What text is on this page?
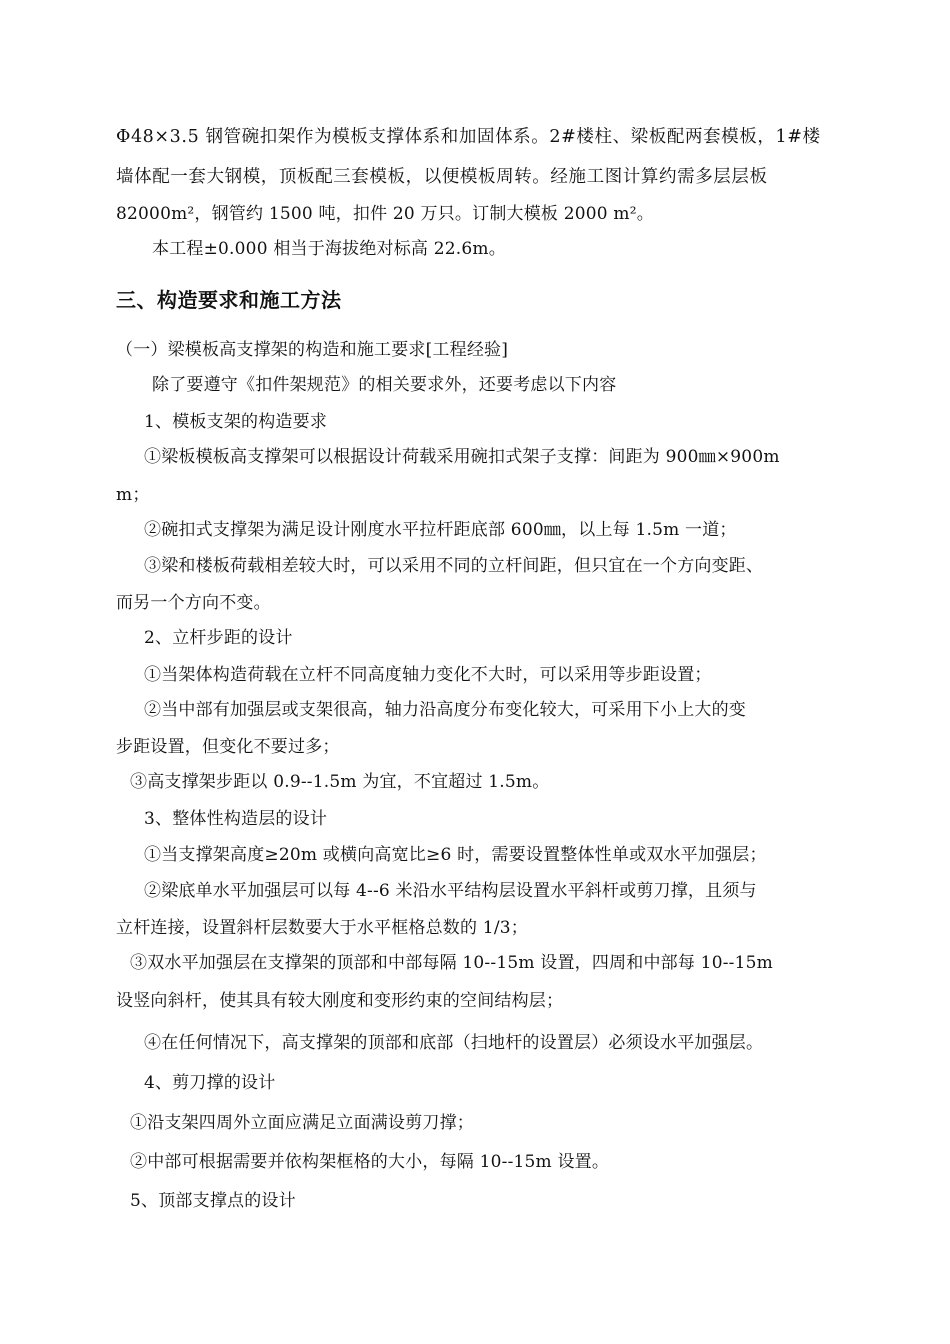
Φ48×3.5 钢管碗扣架作为模板支撑体系和加固体系。2#楼柱、梁板配两套模板，1#楼
墙体配一套大钢模，顶板配三套模板，以便模板周转。经施工图计算约需多层层板
82000m²，钢管约 1500 吨，扣件 20 万只。订制大模板 2000 m²。
本工程±0.000 相当于海拔绝对标高 22.6m。
三、构造要求和施工方法
（一）梁模板高支撑架的构造和施工要求[工程经验]
除了要遵守《扣件架规范》的相关要求外，还要考虑以下内容
1、模板支架的构造要求
①梁板模板高支撑架可以根据设计荷载采用碗扣式架子支撑：间距为 900㎜×900m
m；
②碗扣式支撑架为满足设计刚度水平拉杆距底部 600㎜，以上每 1.5m 一道；
③梁和楼板荷载相差较大时，可以采用不同的立杆间距，但只宜在一个方向变距、
而另一个方向不变。
2、立杆步距的设计
①当架体构造荷载在立杆不同高度轴力变化不大时，可以采用等步距设置；
②当中部有加强层或支架很高，轴力沿高度分布变化较大，可采用下小上大的变
步距设置，但变化不要过多；
③高支撑架步距以 0.9--1.5m 为宜，不宜超过 1.5m。
3、整体性构造层的设计
①当支撑架高度≥20m 或横向高宽比≥6 时，需要设置整体性单或双水平加强层；
②梁底单水平加强层可以每 4--6 米沿水平结构层设置水平斜杆或剪刀撑，且须与
立杆连接，设置斜杆层数要大于水平框格总数的 1/3；
③双水平加强层在支撑架的顶部和中部每隔 10--15m 设置，四周和中部每 10--15m
设竖向斜杆，使其具有较大刚度和变形约束的空间结构层；
④在任何情况下，高支撑架的顶部和底部（扫地杆的设置层）必须设水平加强层。
4、剪刀撑的设计
①沿支架四周外立面应满足立面满设剪刀撑；
②中部可根据需要并依构架框格的大小，每隔 10--15m 设置。
5、顶部支撑点的设计
